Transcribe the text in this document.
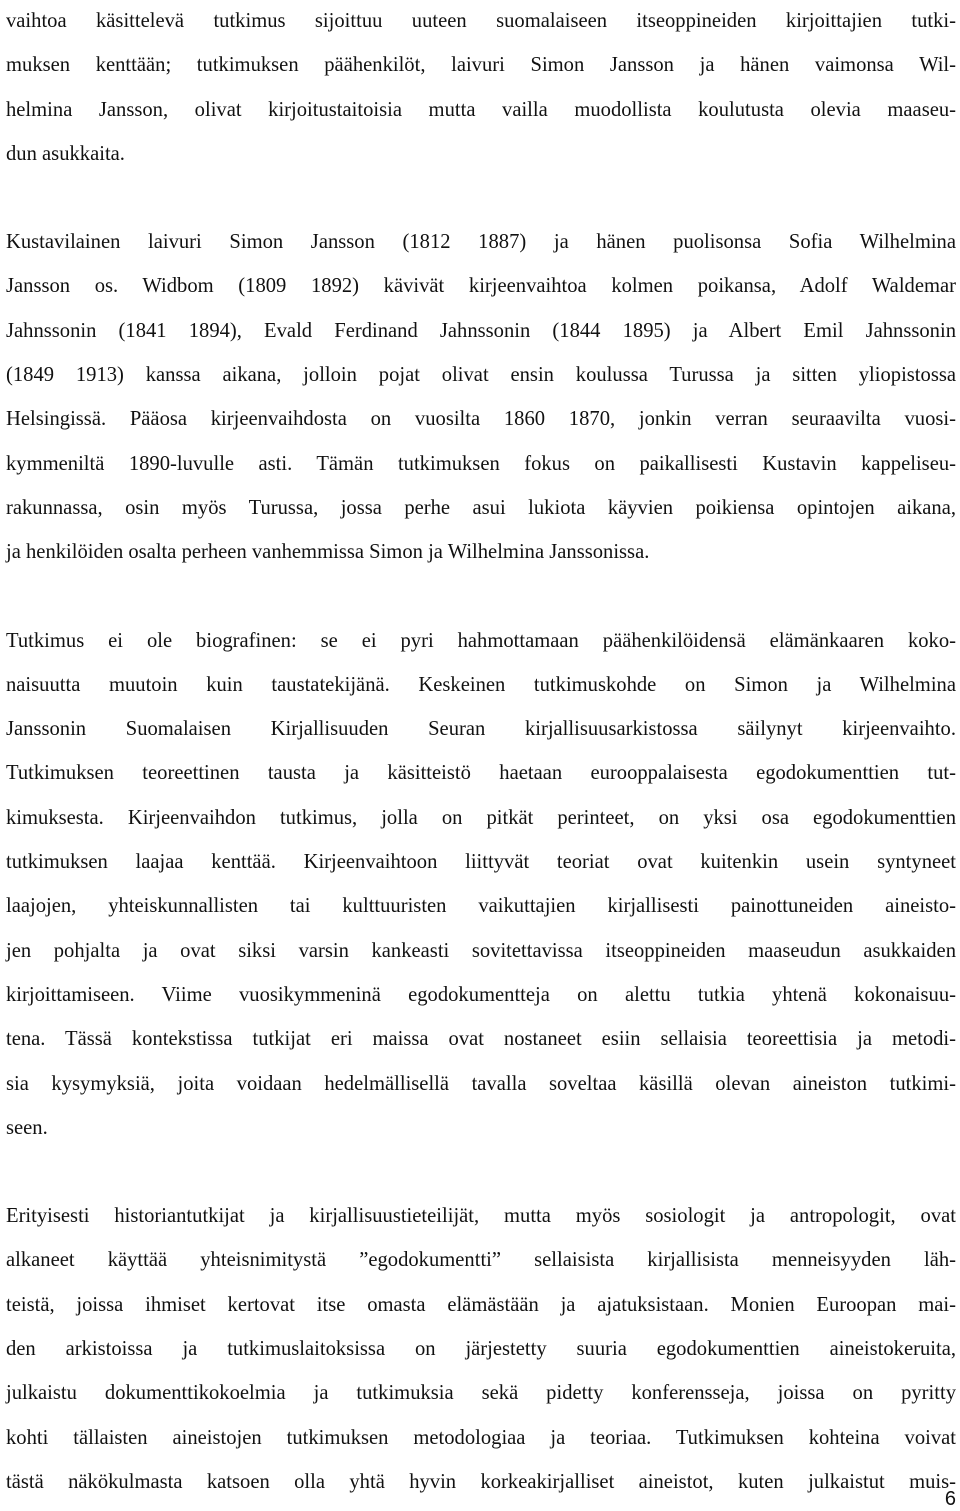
vaihtoa käsittelevä tutkimus sijoittuu uuteen suomalaiseen itseoppineiden kirjoittajien tutki-
muksen kenttään; tutkimuksen päähenkilöt, laivuri Simon Jansson ja hänen vaimonsa Wil-
helmina Jansson, olivat kirjoitustaitoisia mutta vailla muodollista koulutusta olevia maaseu-
dun asukkaita.

Kustavilainen laivuri Simon Jansson (1812 1887) ja hänen puolisonsa Sofia Wilhelmina
Jansson os. Widbom (1809 1892) kävivät kirjeenvaihtoa kolmen poikansa, Adolf Waldemar
Jahnssonin (1841 1894), Evald Ferdinand Jahnssonin (1844 1895) ja Albert Emil Jahnssonin
(1849 1913) kanssa aikana, jolloin pojat olivat ensin koulussa Turussa ja sitten yliopistossa
Helsingissä. Pääosa kirjeenvaihdosta on vuosilta 1860 1870, jonkin verran seuraavilta vuosi-
kymmeniltä 1890-luvulle asti. Tämän tutkimuksen fokus on paikallisesti Kustavin kappeliseu-
rakunnassa, osin myös Turussa, jossa perhe asui lukiota käyvien poikiensa opintojen aikana,
ja henkilöiden osalta perheen vanhemmissa Simon ja Wilhelmina Janssonissa.

Tutkimus ei ole biografinen: se ei pyri hahmottamaan päähenkilöidensä elämänkaaren koko-
naisuutta muutoin kuin taustatekijänä. Keskeinen tutkimuskohde on Simon ja Wilhelmina
Janssonin Suomalaisen Kirjallisuuden Seuran kirjallisuusarkistossa säilynyt kirjeenvaihto.
Tutkimuksen teoreettinen tausta ja käsitteistö haetaan eurooppalaisesta egodokumenttien tut-
kimuksesta. Kirjeenvaihdon tutkimus, jolla on pitkät perinteet, on yksi osa egodokumenttien
tutkimuksen laajaa kenttää. Kirjeenvaihtoon liittyvät teoriat ovat kuitenkin usein syntyneet
laajojen, yhteiskunnallisten tai kulttuuristen vaikuttajien kirjallisesti painottuneiden aineisto-
jen pohjalta ja ovat siksi varsin kankeasti sovitettavissa itseoppineiden maaseudun asukkaiden
kirjoittamiseen. Viime vuosikymmeninä egodokumentteja on alettu tutkia yhtenä kokonaisuu-
tena. Tässä kontekstissa tutkijat eri maissa ovat nostaneet esiin sellaisia teoreettisia ja metodi-
sia kysymyksiä, joita voidaan hedelmällisellä tavalla soveltaa käsillä olevan aineiston tutkimi-
seen.

Erityisesti historiantutkijat ja kirjallisuustieteilijät, mutta myös sosiologit ja antropologit, ovat
alkaneet käyttää yhteisnimitystä ”egodokumentti” sellaisista kirjallisista menneisyyden läh-
teistä, joissa ihmiset kertovat itse omasta elämästään ja ajatuksistaan. Monien Euroopan mai-
den arkistoissa ja tutkimuslaitoksissa on järjestetty suuria egodokumenttien aineistokeruita,
julkaistu dokumenttikokoelmia ja tutkimuksia sekä pidetty konferensseja, joissa on pyritty
kohti tällaisten aineistojen tutkimuksen metodologiaa ja teoriaa. Tutkimuksen kohteina voivat
tästä näkökulmasta katsoen olla yhtä hyvin korkeakirjalliset aineistot, kuten julkaistut muis-

6
